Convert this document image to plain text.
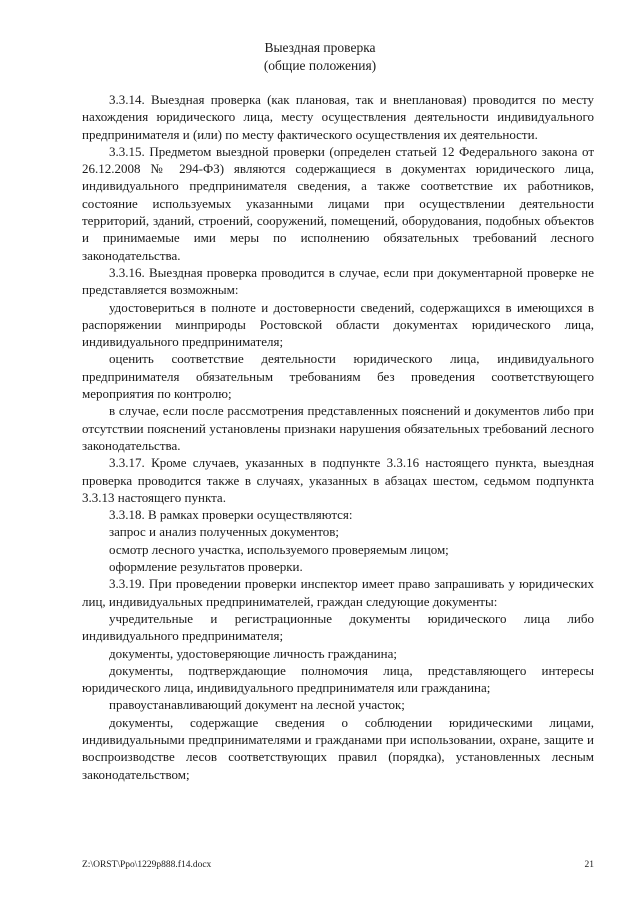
Выездная проверка
(общие положения)

3.3.14. Выездная проверка (как плановая, так и внеплановая) проводится по месту нахождения юридического лица, месту осуществления деятельности индивидуального предпринимателя и (или) по месту фактического осуществления их деятельности.

3.3.15. Предметом выездной проверки (определен статьей 12 Федерального закона от 26.12.2008 № 294-ФЗ) являются содержащиеся в документах юридического лица, индивидуального предпринимателя сведения, а также соответствие их работников, состояние используемых указанными лицами при осуществлении деятельности территорий, зданий, строений, сооружений, помещений, оборудования, подобных объектов и принимаемые ими меры по исполнению обязательных требований лесного законодательства.

3.3.16. Выездная проверка проводится в случае, если при документарной проверке не представляется возможным:

удостовериться в полноте и достоверности сведений, содержащихся в имеющихся в распоряжении минприроды Ростовской области документах юридического лица, индивидуального предпринимателя;

оценить соответствие деятельности юридического лица, индивидуального предпринимателя обязательным требованиям без проведения соответствующего мероприятия по контролю;

в случае, если после рассмотрения представленных пояснений и документов либо при отсутствии пояснений установлены признаки нарушения обязательных требований лесного законодательства.

3.3.17. Кроме случаев, указанных в подпункте 3.3.16 настоящего пункта, выездная проверка проводится также в случаях, указанных в абзацах шестом, седьмом подпункта 3.3.13 настоящего пункта.

3.3.18. В рамках проверки осуществляются:

запрос и анализ полученных документов;

осмотр лесного участка, используемого проверяемым лицом;

оформление результатов проверки.

3.3.19. При проведении проверки инспектор имеет право запрашивать у юридических лиц, индивидуальных предпринимателей, граждан следующие документы:

учредительные и регистрационные документы юридического лица либо индивидуального предпринимателя;

документы, удостоверяющие личность гражданина;

документы, подтверждающие полномочия лица, представляющего интересы юридического лица, индивидуального предпринимателя или гражданина;

правоустанавливающий документ на лесной участок;

документы, содержащие сведения о соблюдении юридическими лицами, индивидуальными предпринимателями и гражданами при использовании, охране, защите и воспроизводстве лесов соответствующих правил (порядка), установленных лесным законодательством;

Z:\ORST\Ppo\1229p888.f14.docx	21
